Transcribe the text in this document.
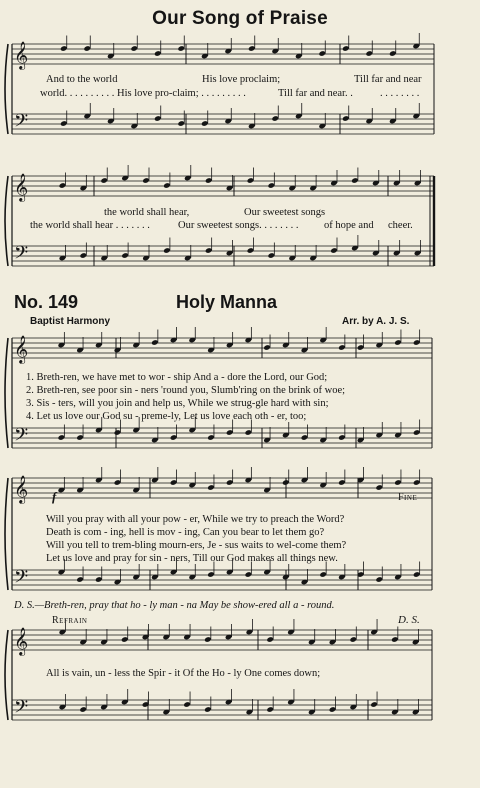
𝄞
𝄢
𝄞
𝄢
𝄞
𝄢
𝄞
𝄢
𝄞
𝄢
Our Song of Praise
And to the world	His love proclaim;	Till far and near
world. . . . . . . . . . His love pro-claim; . . . . . . . . .	Till far and near. .	. . . . . . . .
the world shall hear,	Our sweetest songs
the world shall hear . . . . . . .	Our sweetest songs. . . . . . . . of hope and cheer.
No. 149	Holy Manna
Baptist Harmony	Arr. by A. J. S.
1. Breth-ren, we have met to wor - ship And a - dore the Lord, our God;
2. Breth-ren, see poor sin - ners 'round you, Slumb'ring on the brink of woe;
3. Sis - ters, will you join and help us, While we strug-gle hard with sin;
4. Let us love our God su - preme-ly, Let us love each oth - er, too;
f	Fine
Will you pray with all your pow - er, While we try to preach the Word?
Death is com - ing, hell is mov - ing, Can you bear to let them go?
Will you tell to trem-bling mourn-ers, Je - sus waits to wel-come them?
Let us love and pray for sin - ners, Till our God makes all things new.
D. S.—Breth-ren, pray that ho - ly man - na May be show-ered all a - round.
Refrain	D. S.
All is vain, un - less the Spir - it Of the Ho - ly One comes down;
